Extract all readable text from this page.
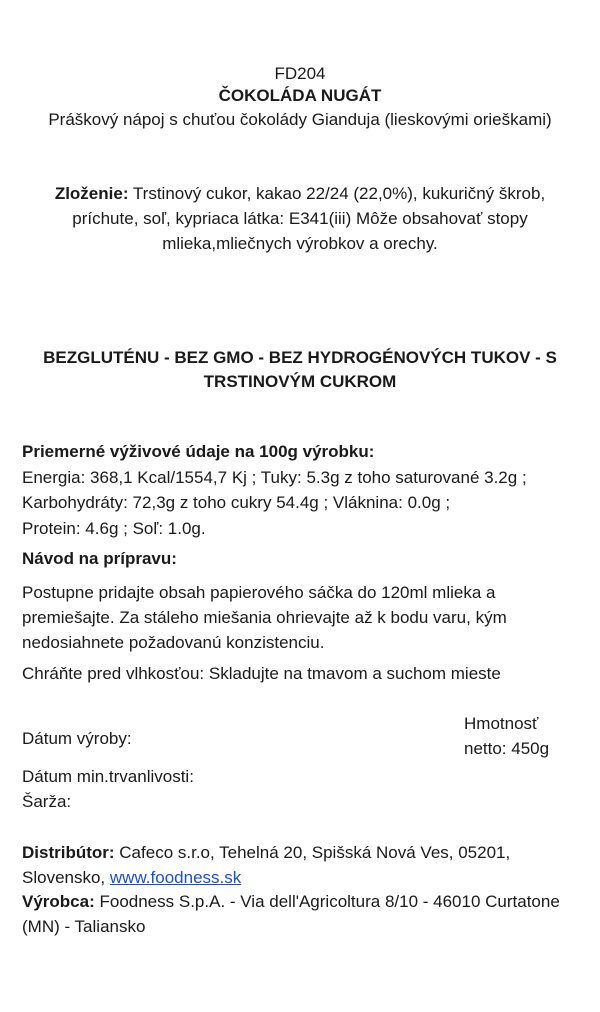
FD204
ČOKOLÁDA NUGÁT
Práškový nápoj s chuťou čokolády Gianduja (lieskovými orieškami)
Zloženie: Trstinový cukor, kakao 22/24 (22,0%), kukuričný škrob,
príchute, soľ, kypriaca látka: E341(iii) Môže obsahovať stopy
mlieka,mliečnych výrobkov a orechy.
BEZGLUTÉNU - BEZ GMO - BEZ HYDROGÉNOVÝCH TUKOV - S
TRSTINOVÝM CUKROM
Priemerné výživové údaje na 100g výrobku:
Energia: 368,1 Kcal/1554,7 Kj ; Tuky: 5.3g z toho saturované 3.2g ;
Karbohydráty: 72,3g z toho cukry 54.4g ; Vláknina: 0.0g ;
Protein: 4.6g ; Soľ: 1.0g.
Návod na prípravu:
Postupne pridajte obsah papierového sáčka do 120ml mlieka a
premiešajte. Za stáleho miešania ohrievajte až k bodu varu, kým
nedosiahnete požadovanú konzistenciu.
Chráňte pred vlhkosťou: Skladujte na tmavom a suchom mieste
Dátum výroby:
Dátum min.trvanlivosti:
Šarža:
Hmotnosť
netto: 450g
Distribútor: Cafeco s.r.o, Tehelná 20, Spišská Nová Ves, 05201,
Slovensko, www.foodness.sk
Výrobca: Foodness S.p.A. - Via dell'Agricoltura 8/10 - 46010 Curtatone
(MN) - Taliansko
